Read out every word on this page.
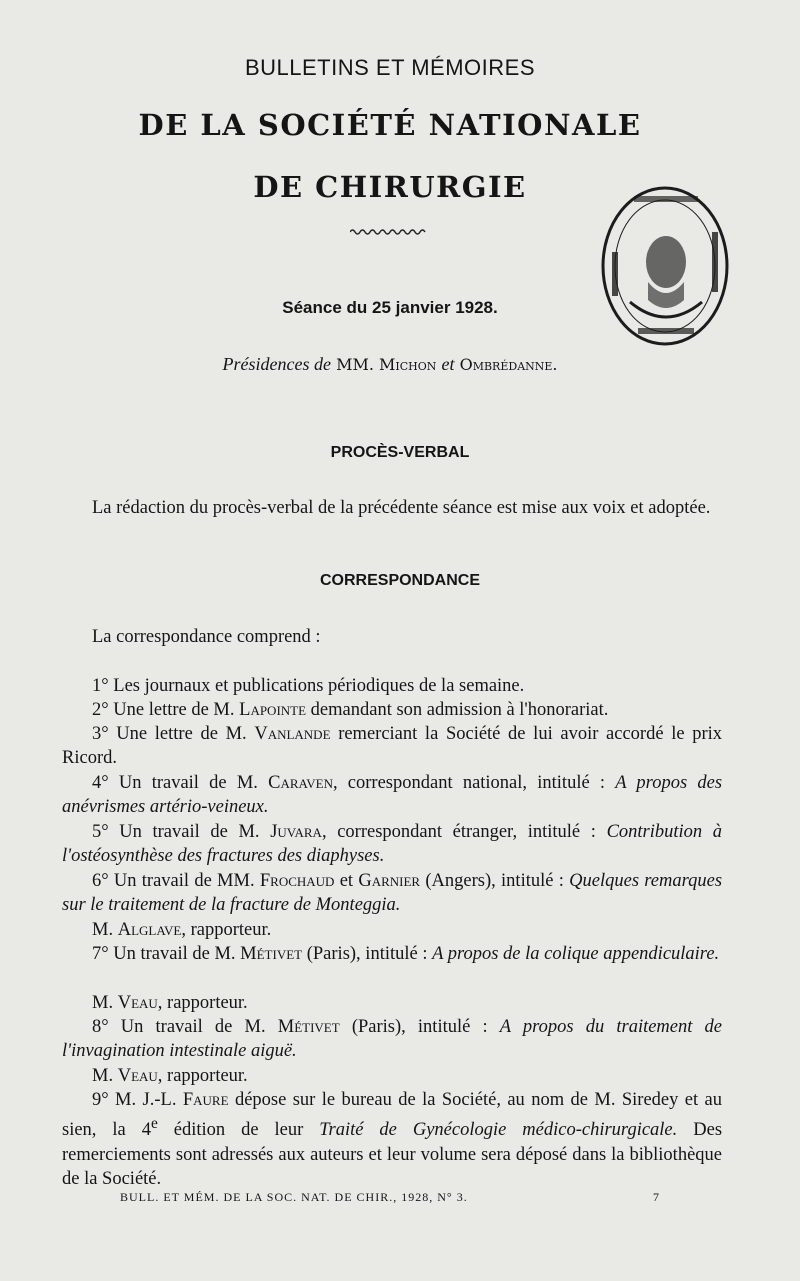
BULLETINS ET MÉMOIRES
DE LA SOCIÉTÉ NATIONALE
DE CHIRURGIE
Séance du 25 janvier 1928.
Présidences de MM. Michon et Ombrédanne.
PROCÈS-VERBAL
La rédaction du procès-verbal de la précédente séance est mise aux voix et adoptée.
CORRESPONDANCE
La correspondance comprend :
1° Les journaux et publications périodiques de la semaine.
2° Une lettre de M. Lapointe demandant son admission à l'honorariat.
3° Une lettre de M. Vanlande remerciant la Société de lui avoir accordé le prix Ricord.
4° Un travail de M. Caraven, correspondant national, intitulé : A propos des anévrismes artério-veineux.
5° Un travail de M. Juvara, correspondant étranger, intitulé : Contribution à l'ostéosynthèse des fractures des diaphyses.
6° Un travail de MM. Frochaud et Garnier (Angers), intitulé : Quelques remarques sur le traitement de la fracture de Monteggia.
M. Alglave, rapporteur.
7° Un travail de M. Métivet (Paris), intitulé : A propos de la colique appendiculaire.
M. Veau, rapporteur.
8° Un travail de M. Métivet (Paris), intitulé : A propos du traitement de l'invagination intestinale aiguë.
M. Veau, rapporteur.
9° M. J.-L. Faure dépose sur le bureau de la Société, au nom de M. Siredey et au sien, la 4e édition de leur Traité de Gynécologie médico-chirurgicale. Des remerciements sont adressés aux auteurs et leur volume sera déposé dans la bibliothèque de la Société.
BULL. ET MÉM. DE LA SOC. NAT. DE CHIR., 1928, N° 3.	7
